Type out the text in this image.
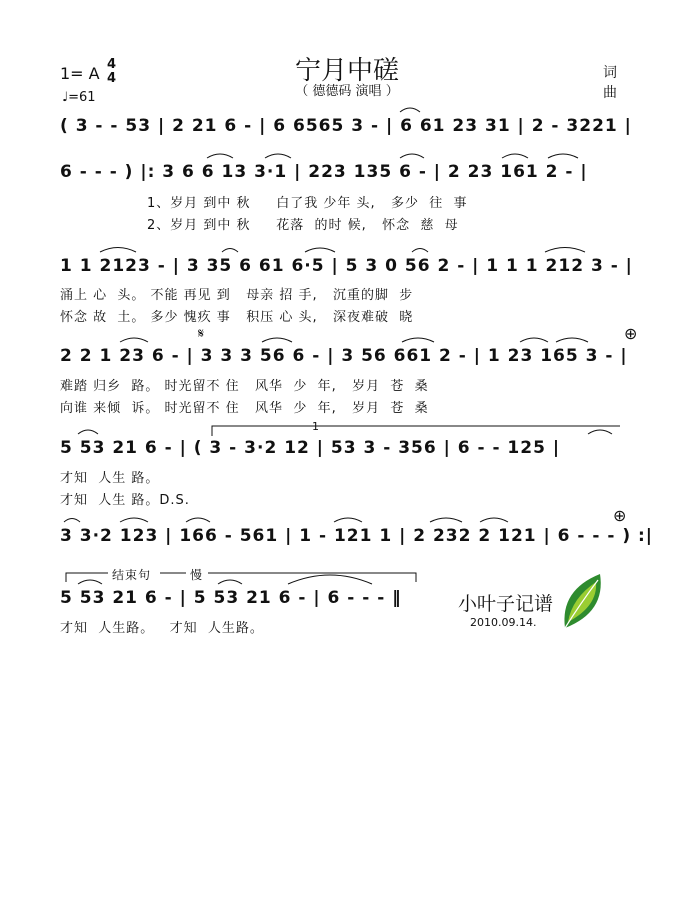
1= A 4
4
♩=61
宁月中磋
（ 德德码 演唱 ）
词
曲
( 3 - - 53 | 2 21 6 - | 6 6565 3 - | 6 61 23 31 | 2 - 3221 |
6 - - - ) |: 3 6 6 13 3·1 | 223 135 6 - | 2 23 161 2 - |
1、岁月 到中 秋     白了我 少年 头,   多少  往  事
2、岁月 到中 秋     花落  的时 候,   怀念  慈  母
1 1 2123 - | 3 35 6 61 6·5 | 5 3 0 56 2 - | 1 1 1 212 3 - |
涌上 心  头。 不能 再见 到   母亲 招 手,   沉重的脚  步
怀念 故  土。 多少 愧疚 事   积压 心 头,   深夜难破  晓
𝄋	⊕
2 2 1 23 6 - | 3 3 3 56 6 - | 3 56 661 2 - | 1 23 165 3 - |
难踏 归乡  路。 时光留不 住   风华  少  年,   岁月  苍  桑
向谁 来倾  诉。 时光留不 住   风华  少  年,   岁月  苍  桑
1
5 53 21 6 - | ( 3 - 3·2 12 | 53 3 - 356 | 6 - - 125 |
才知  人生 路。
才知  人生 路。D.S.
⊕
3 3·2 123 | 166 - 561 | 1 - 121 1 | 2 232 2 121 | 6 - - - ) :|
结束句	慢
5 53 21 6 - | 5 53 21 6 - | 6 - - - ‖
才知  人生路。   才知  人生路。
小叶子记谱
2010.09.14.
